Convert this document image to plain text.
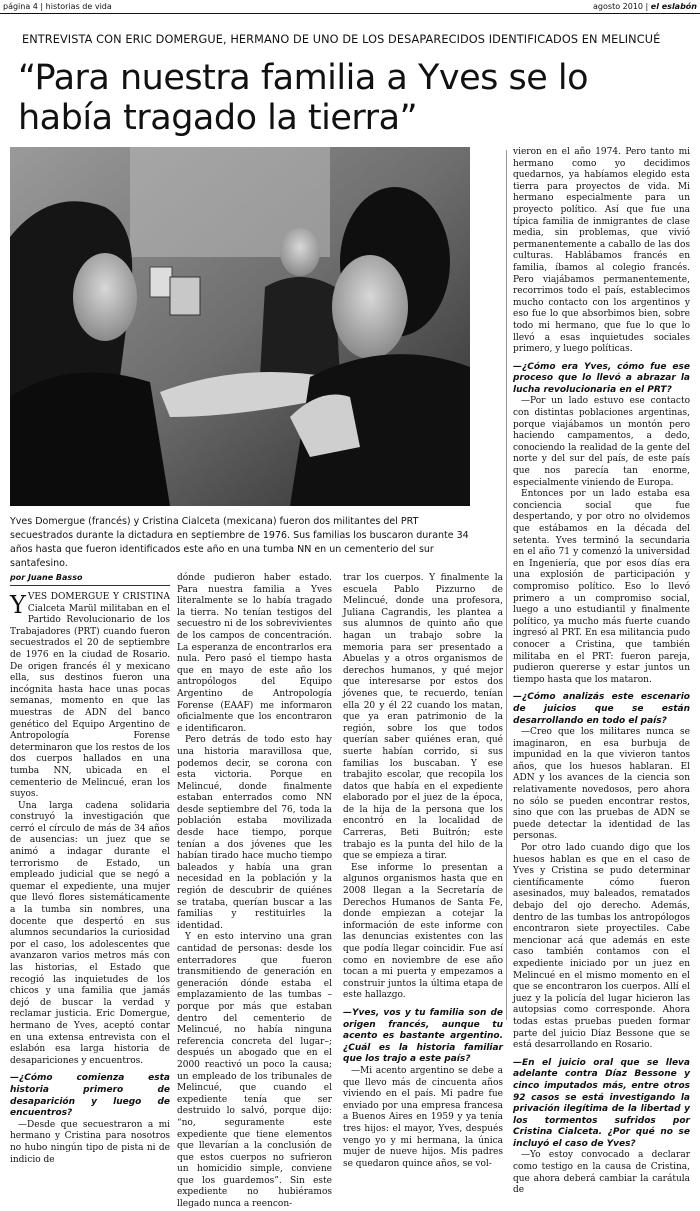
página 4 | historias de vida	agosto 2010 | el eslabón
ENTREVISTA CON ERIC DOMERGUE, HERMANO DE UNO DE LOS DESAPARECIDOS IDENTIFICADOS EN MELINCUÉ
“Para nuestra familia a Yves se lo había tragado la tierra”
Yves Domergue (francés) y Cristina Cialceta (mexicana) fueron dos militantes del PRT secuestrados durante la dictadura en septiembre de 1976. Sus familias los buscaron durante 34 años hasta que fueron identificados este año en una tumba NN en un cementerio del sur santafesino.
por Juane Basso

YVES DOMERGUE Y CRISTINA Cialceta Marül militaban en el Partido Revolucionario de los Trabajadores (PRT) cuando fueron secuestrados el 20 de septiembre de 1976 en la ciudad de Rosario. De origen francés él y mexicano ella, sus destinos fueron una incógnita hasta hace unas pocas semanas, momento en que las muestras de ADN del banco genético del Equipo Argentino de Antropología Forense determinaron que los restos de los dos cuerpos hallados en una tumba NN, ubicada en el cementerio de Melincué, eran los suyos.

Una larga cadena solidaria construyó la investigación que cerró el círculo de más de 34 años de ausencias: un juez que se animó a indagar durante el terrorismo de Estado, un empleado judicial que se negó a quemar el expediente, una mujer que llevó flores sistemáticamente a la tumba sin nombres, una docente que despertó en sus alumnos secundarios la curiosidad por el caso, los adolescentes que avanzaron varios metros más con las historias, el Estado que recogió las inquietudes de los chicos y una familia que jamás dejó de buscar la verdad y reclamar justicia. Eric Domergue, hermano de Yves, aceptó contar en una extensa entrevista con el eslabón esa larga historia de desapariciones y encuentros.

—¿Cómo comienza esta historia primero de desaparición y luego de encuentros?

—Desde que secuestraron a mi hermano y Cristina para nosotros no hubo ningún tipo de pista ni de indicio de

dónde pudieron haber estado. Para nuestra familia a Yves literalmente se lo había tragado la tierra. No tenían testigos del secuestro ni de los sobrevivientes de los campos de concentración. La esperanza de encontrarlos era nula. Pero pasó el tiempo hasta que en mayo de este año los antropólogos del Equipo Argentino de Antropología Forense (EAAF) me informaron oficialmente que los encontraron e identificaron.

Pero detrás de todo esto hay una historia maravillosa que, podemos decir, se corona con esta victoria. Porque en Melincué, donde finalmente estaban enterrados como NN desde septiembre del 76, toda la población estaba movilizada desde hace tiempo, porque tenían a dos jóvenes que les habían tirado hace mucho tiempo baleados y había una gran necesidad en la población y la región de descubrir de quiénes se trataba, querían buscar a las familias y restituirles la identidad.

Y en esto intervino una gran cantidad de personas: desde los enterradores que fueron transmitiendo de generación en generación dónde estaba el emplazamiento de las tumbas –porque por más que estaban dentro del cementerio de Melincué, no había ninguna referencia concreta del lugar–; después un abogado que en el 2000 reactivó un poco la causa; un empleado de los tribunales de Melincué, que cuando el expediente tenía que ser destruido lo salvó, porque dijo: “no, seguramente este expediente que tiene elementos que llevarían a la conclusión de que estos cuerpos no sufrieron un homicidio simple, conviene que los guardemos”. Sin este expediente no hubiéramos llegado nunca a reencon-

trar los cuerpos. Y finalmente la escuela Pablo Pizzurno de Melincué, donde una profesora, Juliana Cagrandis, les plantea a sus alumnos de quinto año que hagan un trabajo sobre la memoria para ser presentado a Abuelas y a otros organismos de derechos humanos, y qué mejor que interesarse por estos dos jóvenes que, te recuerdo, tenían ella 20 y él 22 cuando los matan, que ya eran patrimonio de la región, sobre los que todos querían saber quiénes eran, qué suerte habían corrido, si sus familias los buscaban. Y ese trabajito escolar, que recopila los datos que había en el expediente elaborado por el juez de la época, de la hija de la persona que los encontró en la localidad de Carreras, Beti Buitrón; este trabajo es la punta del hilo de la que se empieza a tirar.

Ese informe lo presentan a algunos organismos hasta que en 2008 llegan a la Secretaría de Derechos Humanos de Santa Fe, donde empiezan a cotejar la información de este informe con las denuncias existentes con las que podía llegar coincidir. Fue así como en noviembre de ese año tocan a mi puerta y empezamos a construir juntos la última etapa de este hallazgo.

—Yves, vos y tu familia son de origen francés, aunque tu acento es bastante argentino. ¿Cuál es la historia familiar que los trajo a este país?

—Mi acento argentino se debe a que llevo más de cincuenta años viviendo en el país. Mi padre fue enviado por una empresa francesa a Buenos Aires en 1959 y ya tenía tres hijos: el mayor, Yves, después vengo yo y mi hermana, la única mujer de nueve hijos. Mis padres se quedaron quince años, se vol-

vieron en el año 1974. Pero tanto mi hermano como yo decidimos quedarnos, ya habíamos elegido esta tierra para proyectos de vida. Mi hermano especialmente para un proyecto político. Así que fue una típica familia de inmigrantes de clase media, sin problemas, que vivió permanentemente a caballo de las dos culturas. Hablábamos francés en familia, íbamos al colegio francés. Pero viajábamos permanentemente, recorrimos todo el país, establecimos mucho contacto con los argentinos y eso fue lo que absorbimos bien, sobre todo mi hermano, que fue lo que lo llevó a esas inquietudes sociales primero, y luego políticas.

—¿Cómo era Yves, cómo fue ese proceso que lo llevó a abrazar la lucha revolucionaria en el PRT?

—Por un lado estuvo ese contacto con distintas poblaciones argentinas, porque viajábamos un montón pero haciendo campamentos, a dedo, conociendo la realidad de la gente del norte y del sur del país, de este país que nos parecía tan enorme, especialmente viniendo de Europa.

Entonces por un lado estaba esa conciencia social que fue despertando, y por otro no olvidemos que estábamos en la década del setenta. Yves terminó la secundaria en el año 71 y comenzó la universidad en Ingeniería, que por esos días era una explosión de participación y compromiso político. Eso lo llevó primero a un compromiso social, luego a uno estudiantil y finalmente político, ya mucho más fuerte cuando ingresó al PRT. En esa militancia pudo conocer a Cristina, que también militaba en el PRT: fueron pareja, pudieron quererse y estar juntos un tiempo hasta que los mataron.

—¿Cómo analizás este escenario de juicios que se están desarrollando en todo el país?

—Creo que los militares nunca se imaginaron, en esa burbuja de impunidad en la que vivieron tantos años, que los huesos hablaran. El ADN y los avances de la ciencia son relativamente novedosos, pero ahora no sólo se pueden encontrar restos, sino que con las pruebas de ADN se puede detectar la identidad de las personas.

Por otro lado cuando digo que los huesos hablan es que en el caso de Yves y Cristina se pudo determinar científicamente cómo fueron asesinados, muy baleados, rematados debajo del ojo derecho. Además, dentro de las tumbas los antropólogos encontraron siete proyectiles. Cabe mencionar acá que además en este caso también contamos con el expediente iniciado por un juez en Melincué en el mismo momento en el que se encontraron los cuerpos. Allí el juez y la policía del lugar hicieron las autopsias como corresponde. Ahora todas estas pruebas pueden formar parte del juicio Díaz Bessone que se está desarrollando en Rosario.

—En el juicio oral que se lleva adelante contra Díaz Bessone y cinco imputados más, entre otros 92 casos se está investigando la privación ilegítima de la libertad y los tormentos sufridos por Cristina Cialceta. ¿Por qué no se incluyó el caso de Yves?

—Yo estoy convocado a declarar como testigo en la causa de Cristina, que ahora deberá cambiar la carátula de
